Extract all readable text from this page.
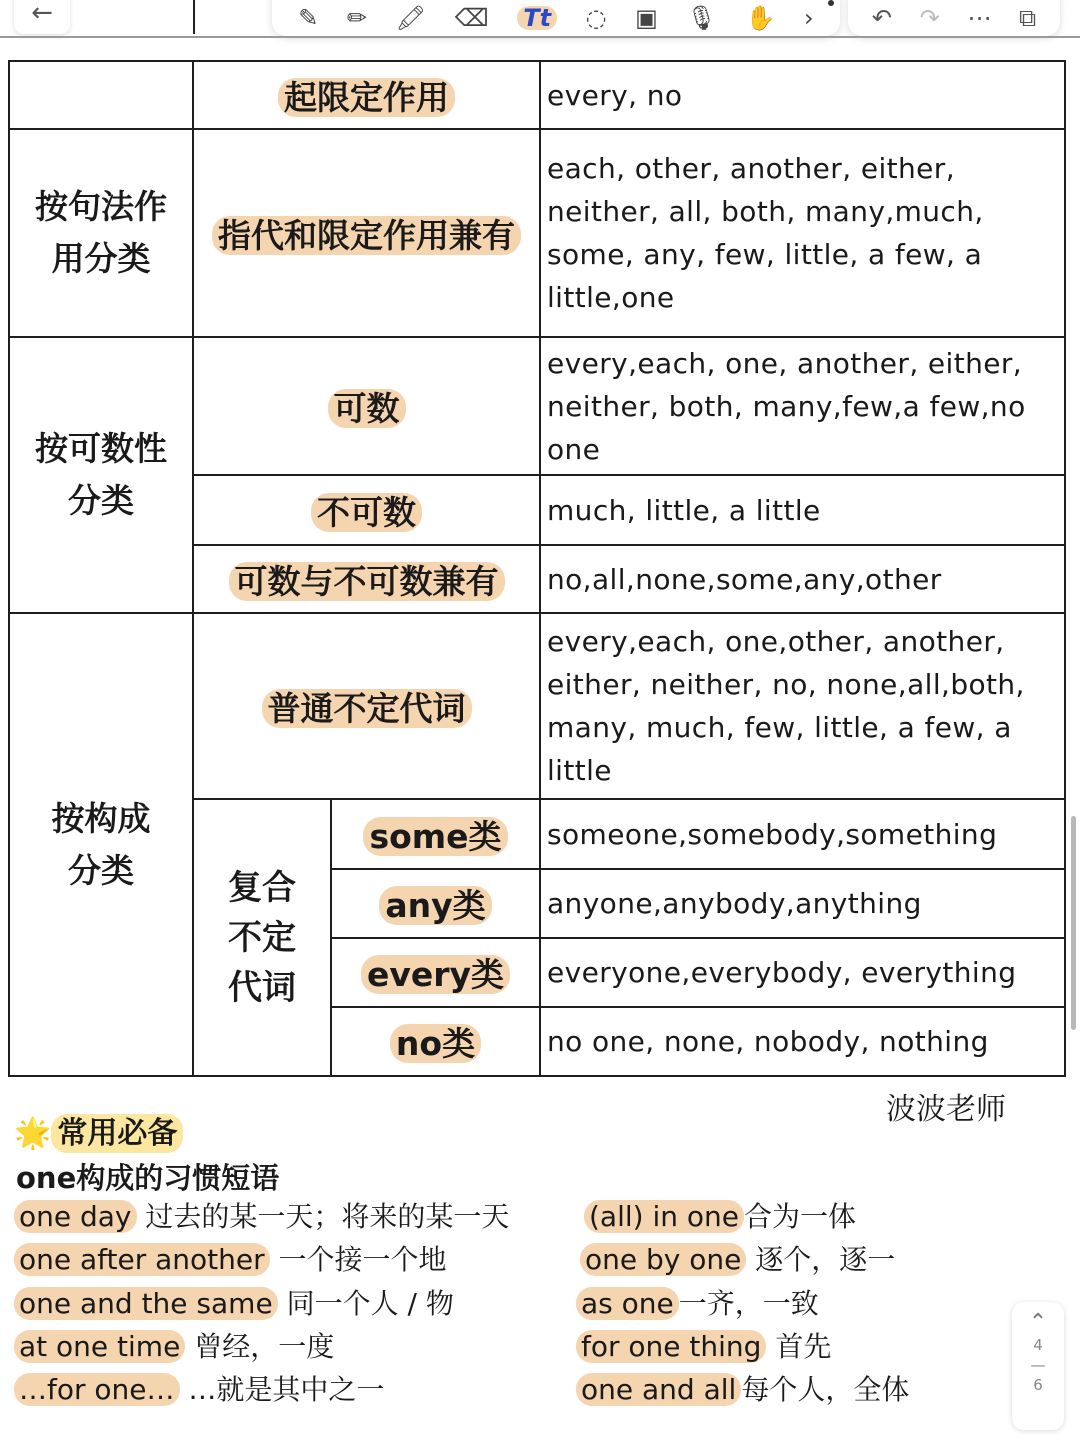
←	✎ ✏ 🖍 ⌫ Tt ◌ ▣ 🎙 ✋ › ↶ ↷ ⋯ ⧉
	起限定作用		every, no

按句法作用分类	指代和限定作用兼有		each, other, another, either, neither, all, both, many,much, some, any, few, little, a few, a little,one

按可数性分类	可数		every,each, one, another, either, neither, both, many,few,a few,no one
	不可数		much, little, a little
	可数与不可数兼有		no,all,none,some,any,other

按构成分类	普通不定代词		every,each, one,other, another, either, neither, no, none,all,both, many, much, few, little, a few, a little

	复合不定代词	some类	someone,somebody,something
		any类	anyone,anybody,anything
		every类	everyone,everybody, everything
		no类	no one, none, nobody, nothing
波波老师
🌟 常用必备
one构成的习惯短语
one day 过去的某一天；将来的某一天
one after another 一个接一个地
one and the same 同一个人 / 物
at one time 曾经，一度
…for one… …就是其中之一
(all) in one 合为一体
one by one 逐个，逐一
as one 一齐，一致
for one thing 首先
one and all 每个人，全体
⌃
4
—
6
